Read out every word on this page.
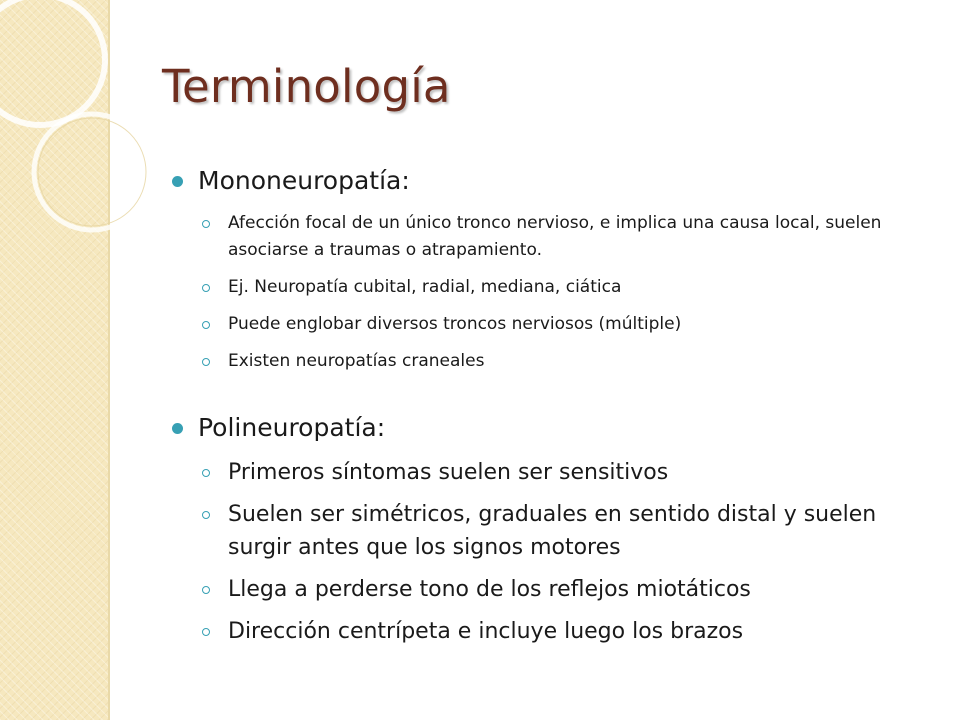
Terminología
Mononeuropatía:
Afección focal de un único tronco nervioso, e implica una causa local, suelen asociarse a traumas o atrapamiento.
Ej. Neuropatía cubital, radial, mediana, ciática
Puede englobar diversos troncos nerviosos (múltiple)
Existen neuropatías craneales
Polineuropatía:
Primeros síntomas suelen ser sensitivos
Suelen ser simétricos, graduales en sentido distal y suelen surgir antes que los signos motores
Llega a perderse tono de los reflejos miotáticos
Dirección centrípeta e incluye luego los brazos
